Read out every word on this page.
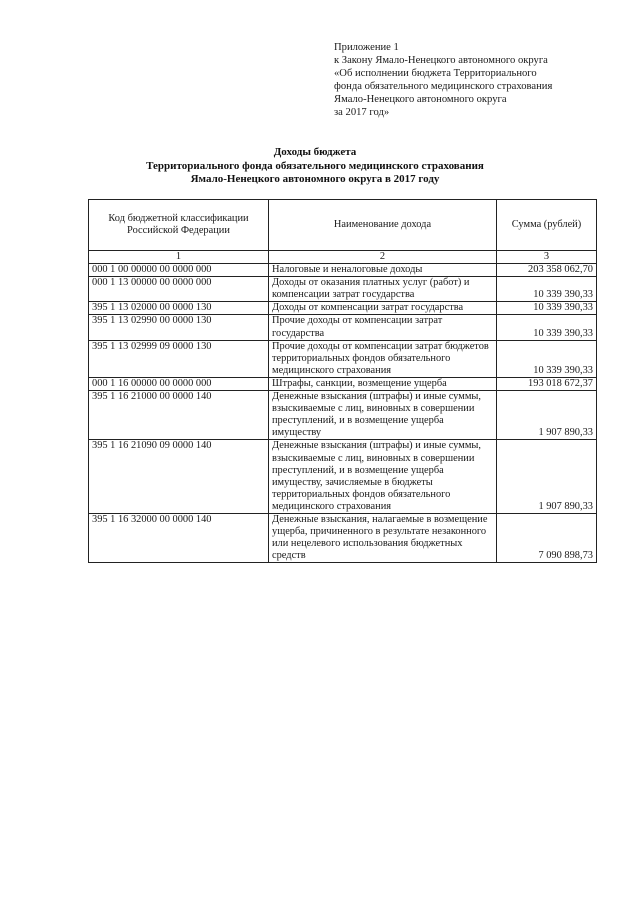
Приложение 1
к Закону Ямало-Ненецкого автономного округа
«Об исполнении бюджета Территориального
фонда обязательного медицинского страхования
Ямало-Ненецкого автономного округа
за 2017 год»
Доходы бюджета
Территориального фонда обязательного медицинского страхования
Ямало-Ненецкого автономного округа в 2017 году
Код бюджетной классификации Российской Федерации	Наименование дохода	Сумма (рублей)
1	2	3
000 1 00 00000 00 0000 000	Налоговые и неналоговые доходы	203 358 062,70
000 1 13 00000 00 0000 000	Доходы от оказания платных услуг (работ) и компенсации затрат государства	10 339 390,33
395 1 13 02000 00 0000 130	Доходы от компенсации затрат государства	10 339 390,33
395 1 13 02990 00 0000 130	Прочие доходы от компенсации затрат государства	10 339 390,33
395 1 13 02999 09 0000 130	Прочие доходы от компенсации затрат бюджетов территориальных фондов обязательного медицинского страхования	10 339 390,33
000 1 16 00000 00 0000 000	Штрафы, санкции, возмещение ущерба	193 018 672,37
395 1 16 21000 00 0000 140	Денежные взыскания (штрафы) и иные суммы, взыскиваемые с лиц, виновных в совершении преступлений, и в возмещение ущерба имуществу	1 907 890,33
395 1 16 21090 09 0000 140	Денежные взыскания (штрафы) и иные суммы, взыскиваемые с лиц, виновных в совершении преступлений, и в возмещение ущерба имуществу, зачисляемые в бюджеты территориальных фондов обязательного медицинского страхования	1 907 890,33
395 1 16 32000 00 0000 140	Денежные взыскания, налагаемые в возмещение ущерба, причиненного в результате незаконного или нецелевого использования бюджетных средств	7 090 898,73
